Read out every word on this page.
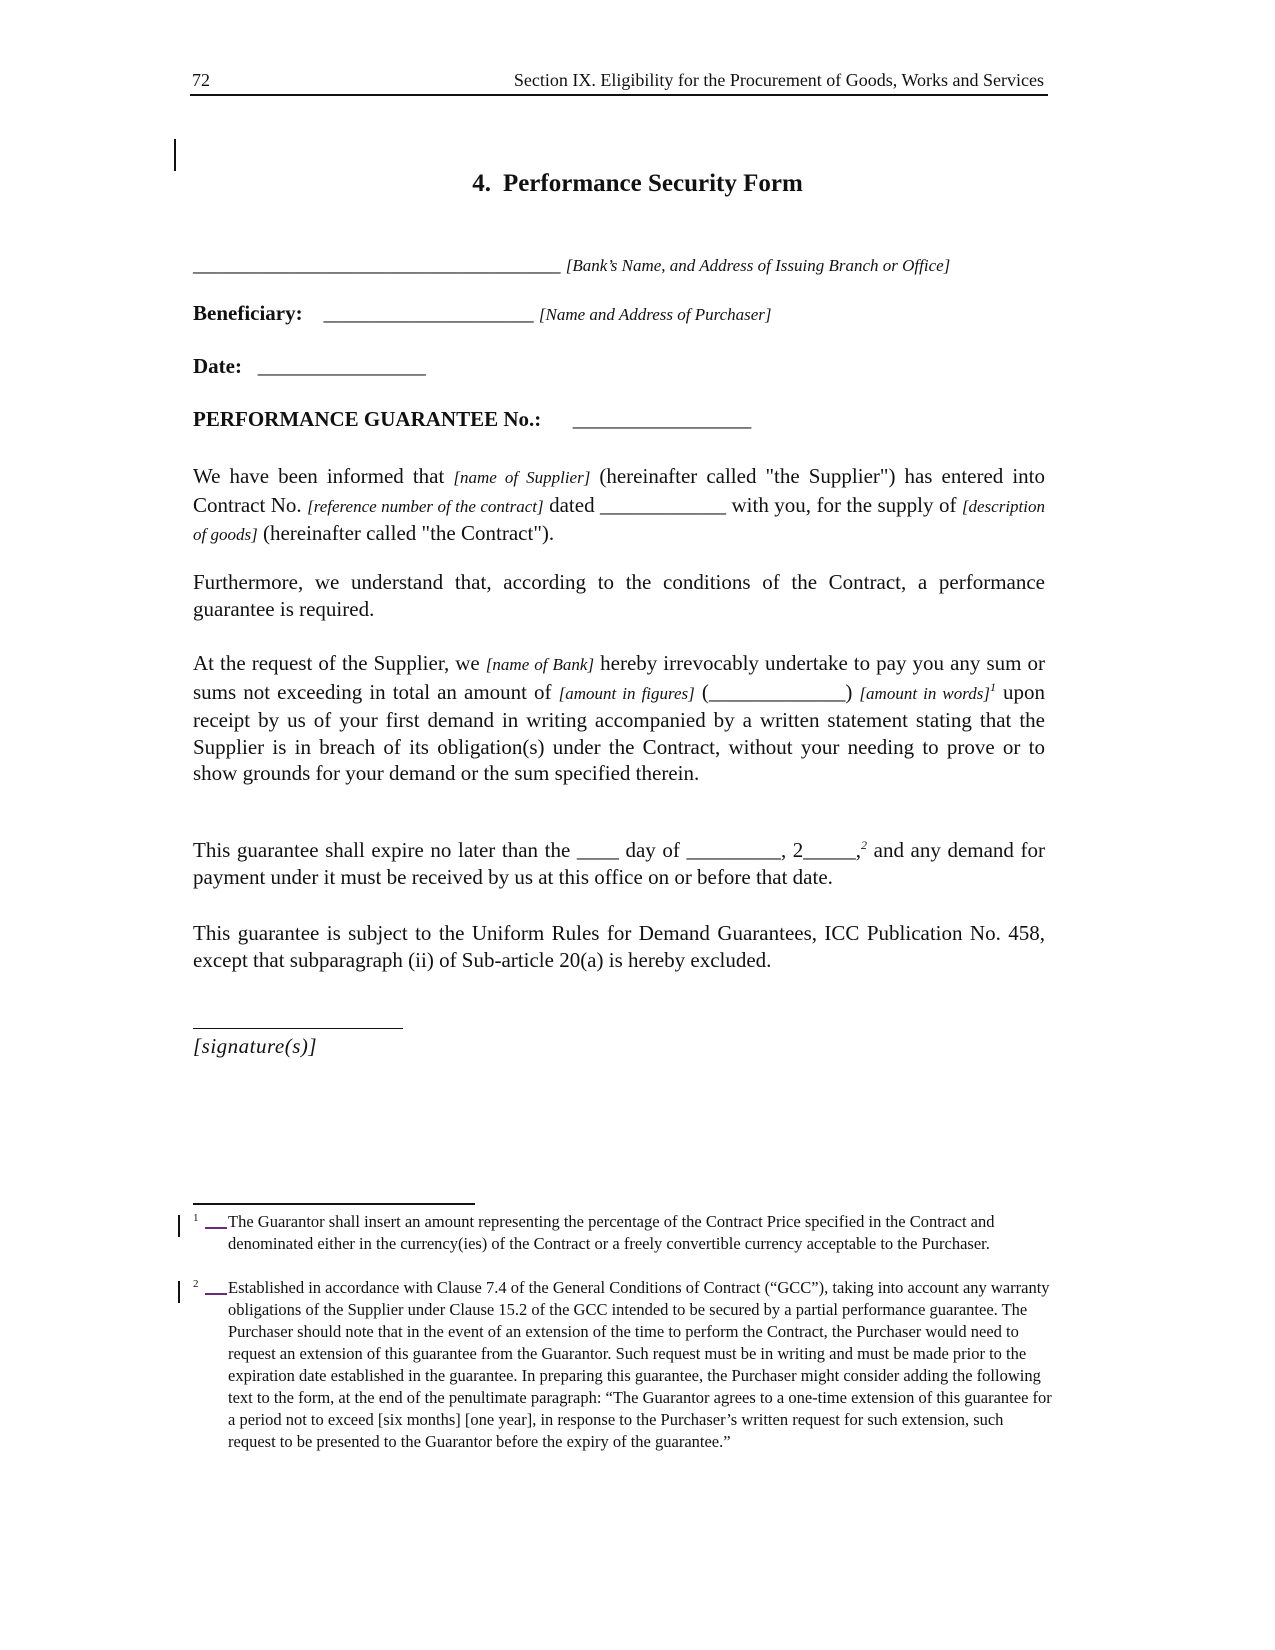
72	Section IX. Eligibility for the Procurement of Goods, Works and Services
4. Performance Security Form
___________________________________ [Bank’s Name, and Address of Issuing Branch or Office]
Beneficiary: ____________________ [Name and Address of Purchaser]
Date: ________________
PERFORMANCE GUARANTEE No.: _________________

We have been informed that [name of Supplier] (hereinafter called "the Supplier") has entered into Contract No. [reference number of the contract] dated ____________ with you, for the supply of [description of goods] (hereinafter called "the Contract").

Furthermore, we understand that, according to the conditions of the Contract, a performance guarantee is required.

At the request of the Supplier, we [name of Bank] hereby irrevocably undertake to pay you any sum or sums not exceeding in total an amount of [amount in figures] (_____________) [amount in words]$^1$ upon receipt by us of your first demand in writing accompanied by a written statement stating that the Supplier is in breach of its obligation(s) under the Contract, without your needing to prove or to show grounds for your demand or the sum specified therein.

This guarantee shall expire no later than the ____ day of _________, 2_____,$^2$ and any demand for payment under it must be received by us at this office on or before that date.

This guarantee is subject to the Uniform Rules for Demand Guarantees, ICC Publication No. 458, except that subparagraph (ii) of Sub-article 20(a) is hereby excluded.

[signature(s)]
1 The Guarantor shall insert an amount representing the percentage of the Contract Price specified in the Contract and denominated either in the currency(ies) of the Contract or a freely convertible currency acceptable to the Purchaser.
2 Established in accordance with Clause 7.4 of the General Conditions of Contract (“GCC”), taking into account any warranty obligations of the Supplier under Clause 15.2 of the GCC intended to be secured by a partial performance guarantee. The Purchaser should note that in the event of an extension of the time to perform the Contract, the Purchaser would need to request an extension of this guarantee from the Guarantor. Such request must be in writing and must be made prior to the expiration date established in the guarantee. In preparing this guarantee, the Purchaser might consider adding the following text to the form, at the end of the penultimate paragraph: “The Guarantor agrees to a one-time extension of this guarantee for a period not to exceed [six months] [one year], in response to the Purchaser’s written request for such extension, such request to be presented to the Guarantor before the expiry of the guarantee.”
